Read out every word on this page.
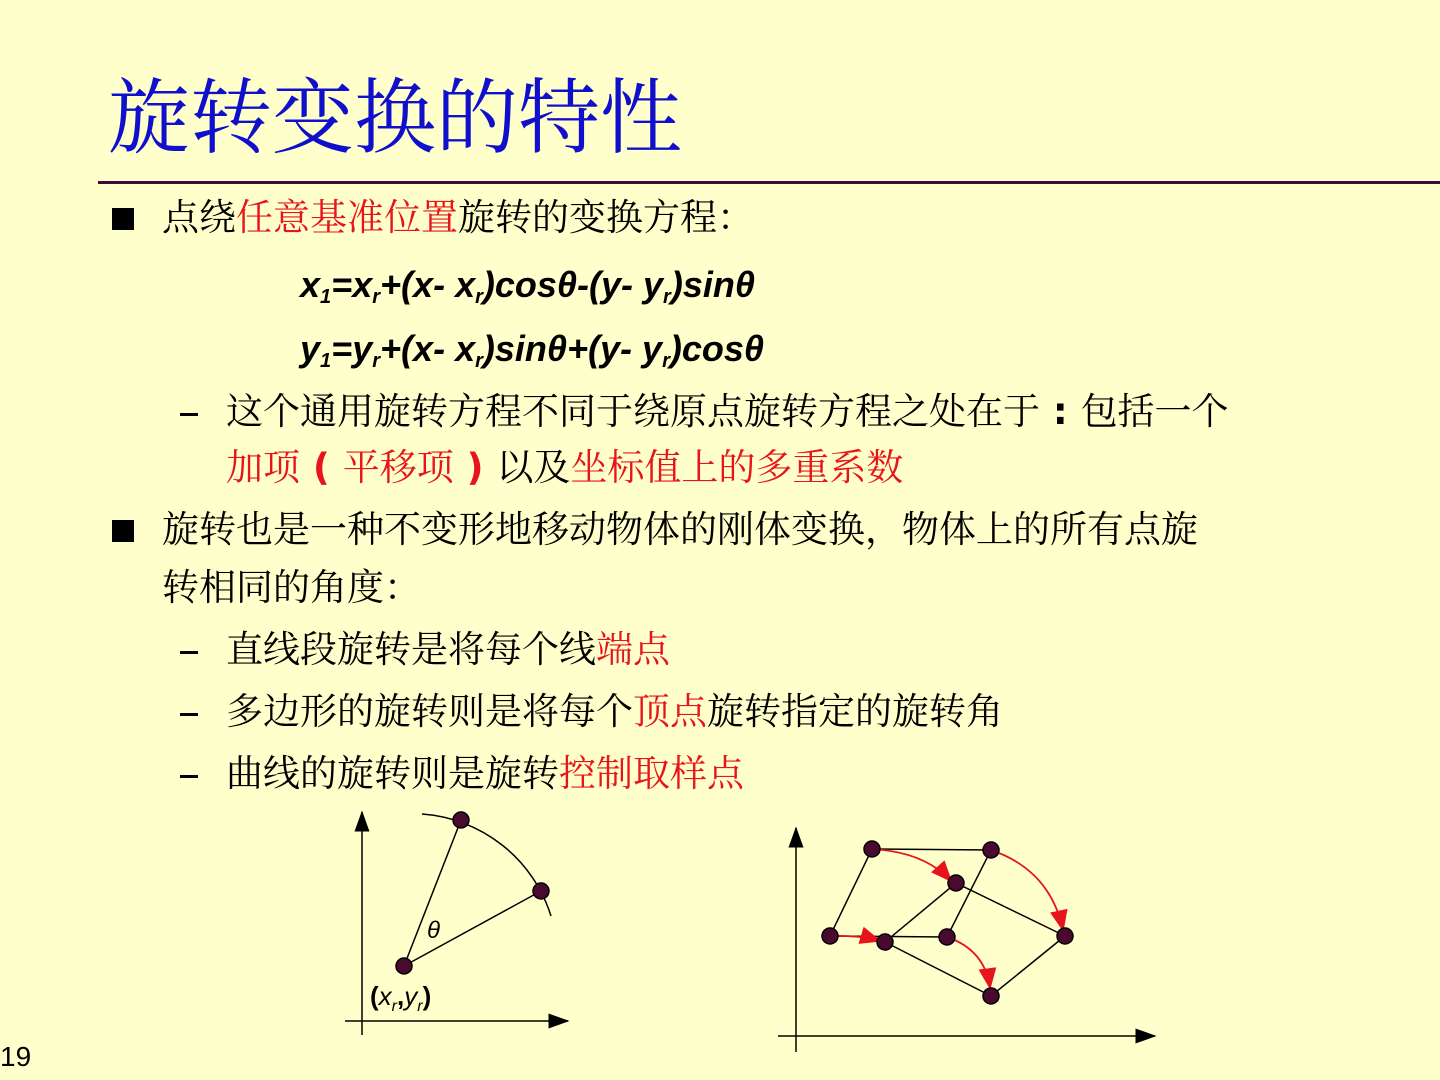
旋转变换的特性
点绕任意基准位置旋转的变换方程：
$x_1=x_r+(x-$ $x_r)\cos\theta-(y-$ $y_r)\sin\theta$
$y_1=y_r+(x-$ $x_r)\sin\theta+(y-$ $y_r)\cos\theta$
这个通用旋转方程不同于绕原点旋转方程之处在于 : 包括一个
加项 ( 平移项 ) 以及坐标值上的多重系数
旋转也是一种不变形地移动物体的刚体变换，物体上的所有点旋
转相同的角度：
直线段旋转是将每个线端点
多边形的旋转则是将每个顶点旋转指定的旋转角
曲线的旋转则是旋转控制取样点
θ
$(x_r,y_r)$
19
